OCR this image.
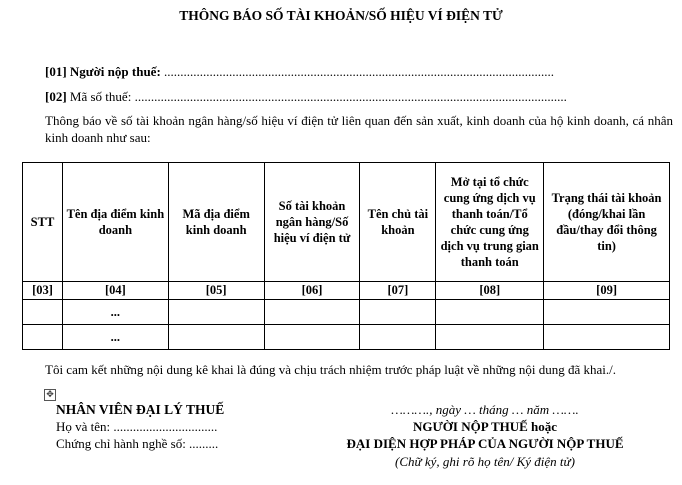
THÔNG BÁO SỐ TÀI KHOẢN/SỐ HIỆU VÍ ĐIỆN TỬ
[01] Người nộp thuế: ........................................................................................................................
[02] Mã số thuế: .....................................................................................................................................
Thông báo về số tài khoản ngân hàng/số hiệu ví điện tử liên quan đến sản xuất, kinh doanh của hộ kinh doanh, cá nhân kinh doanh như sau:
STT	Tên địa điểm kinh doanh	Mã địa điểm kinh doanh	Số tài khoản ngân hàng/Số hiệu ví điện tử	Tên chủ tài khoản	Mở tại tổ chức cung ứng dịch vụ thanh toán/Tổ chức cung ứng dịch vụ trung gian thanh toán	Trạng thái tài khoản (đóng/khai lần đầu/thay đổi thông tin)
[03]	[04]	[05]	[06]	[07]	[08]	[09]
	...					
	...					
Tôi cam kết những nội dung kê khai là đúng và chịu trách nhiệm trước pháp luật về những nội dung đã khai./.
✥
NHÂN VIÊN ĐẠI LÝ THUẾ
Họ và tên: ................................
Chứng chỉ hành nghề số: .........
………., ngày … tháng … năm …….
NGƯỜI NỘP THUẾ hoặc
ĐẠI DIỆN HỢP PHÁP CỦA NGƯỜI NỘP THUẾ
(Chữ ký, ghi rõ họ tên/ Ký điện tử)
